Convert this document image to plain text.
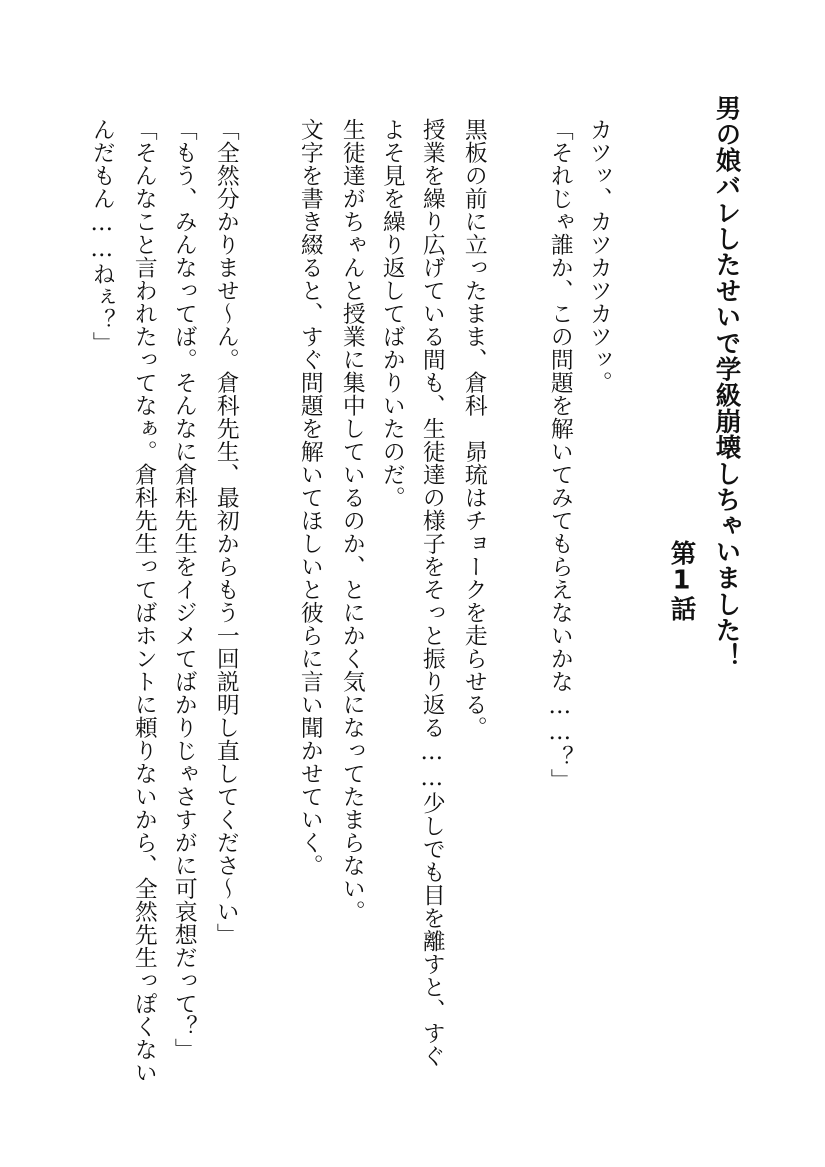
男の娘バレしたせいで学級崩壊しちゃいました！
第1話
カツッ、カツカツカツッ。
「それじゃ誰か、この問題を解いてみてもらえないかな……？」
黒板の前に立ったまま、倉科　昴琉はチョークを走らせる。
授業を繰り広げている間も、生徒達の様子をそっと振り返る……少しでも目を離すと、すぐ
よそ見を繰り返してばかりいたのだ。
生徒達がちゃんと授業に集中しているのか、とにかく気になってたまらない。
文字を書き綴ると、すぐ問題を解いてほしいと彼らに言い聞かせていく。
「全然分かりませ～ん。倉科先生、最初からもう一回説明し直してくださ～い」
「もう、みんなってば。そんなに倉科先生をイジメてばかりじゃさすがに可哀想だって？」
「そんなこと言われたってなぁ。倉科先生ってばホントに頼りないから、全然先生っぽくない
んだもん……ねぇ？」
